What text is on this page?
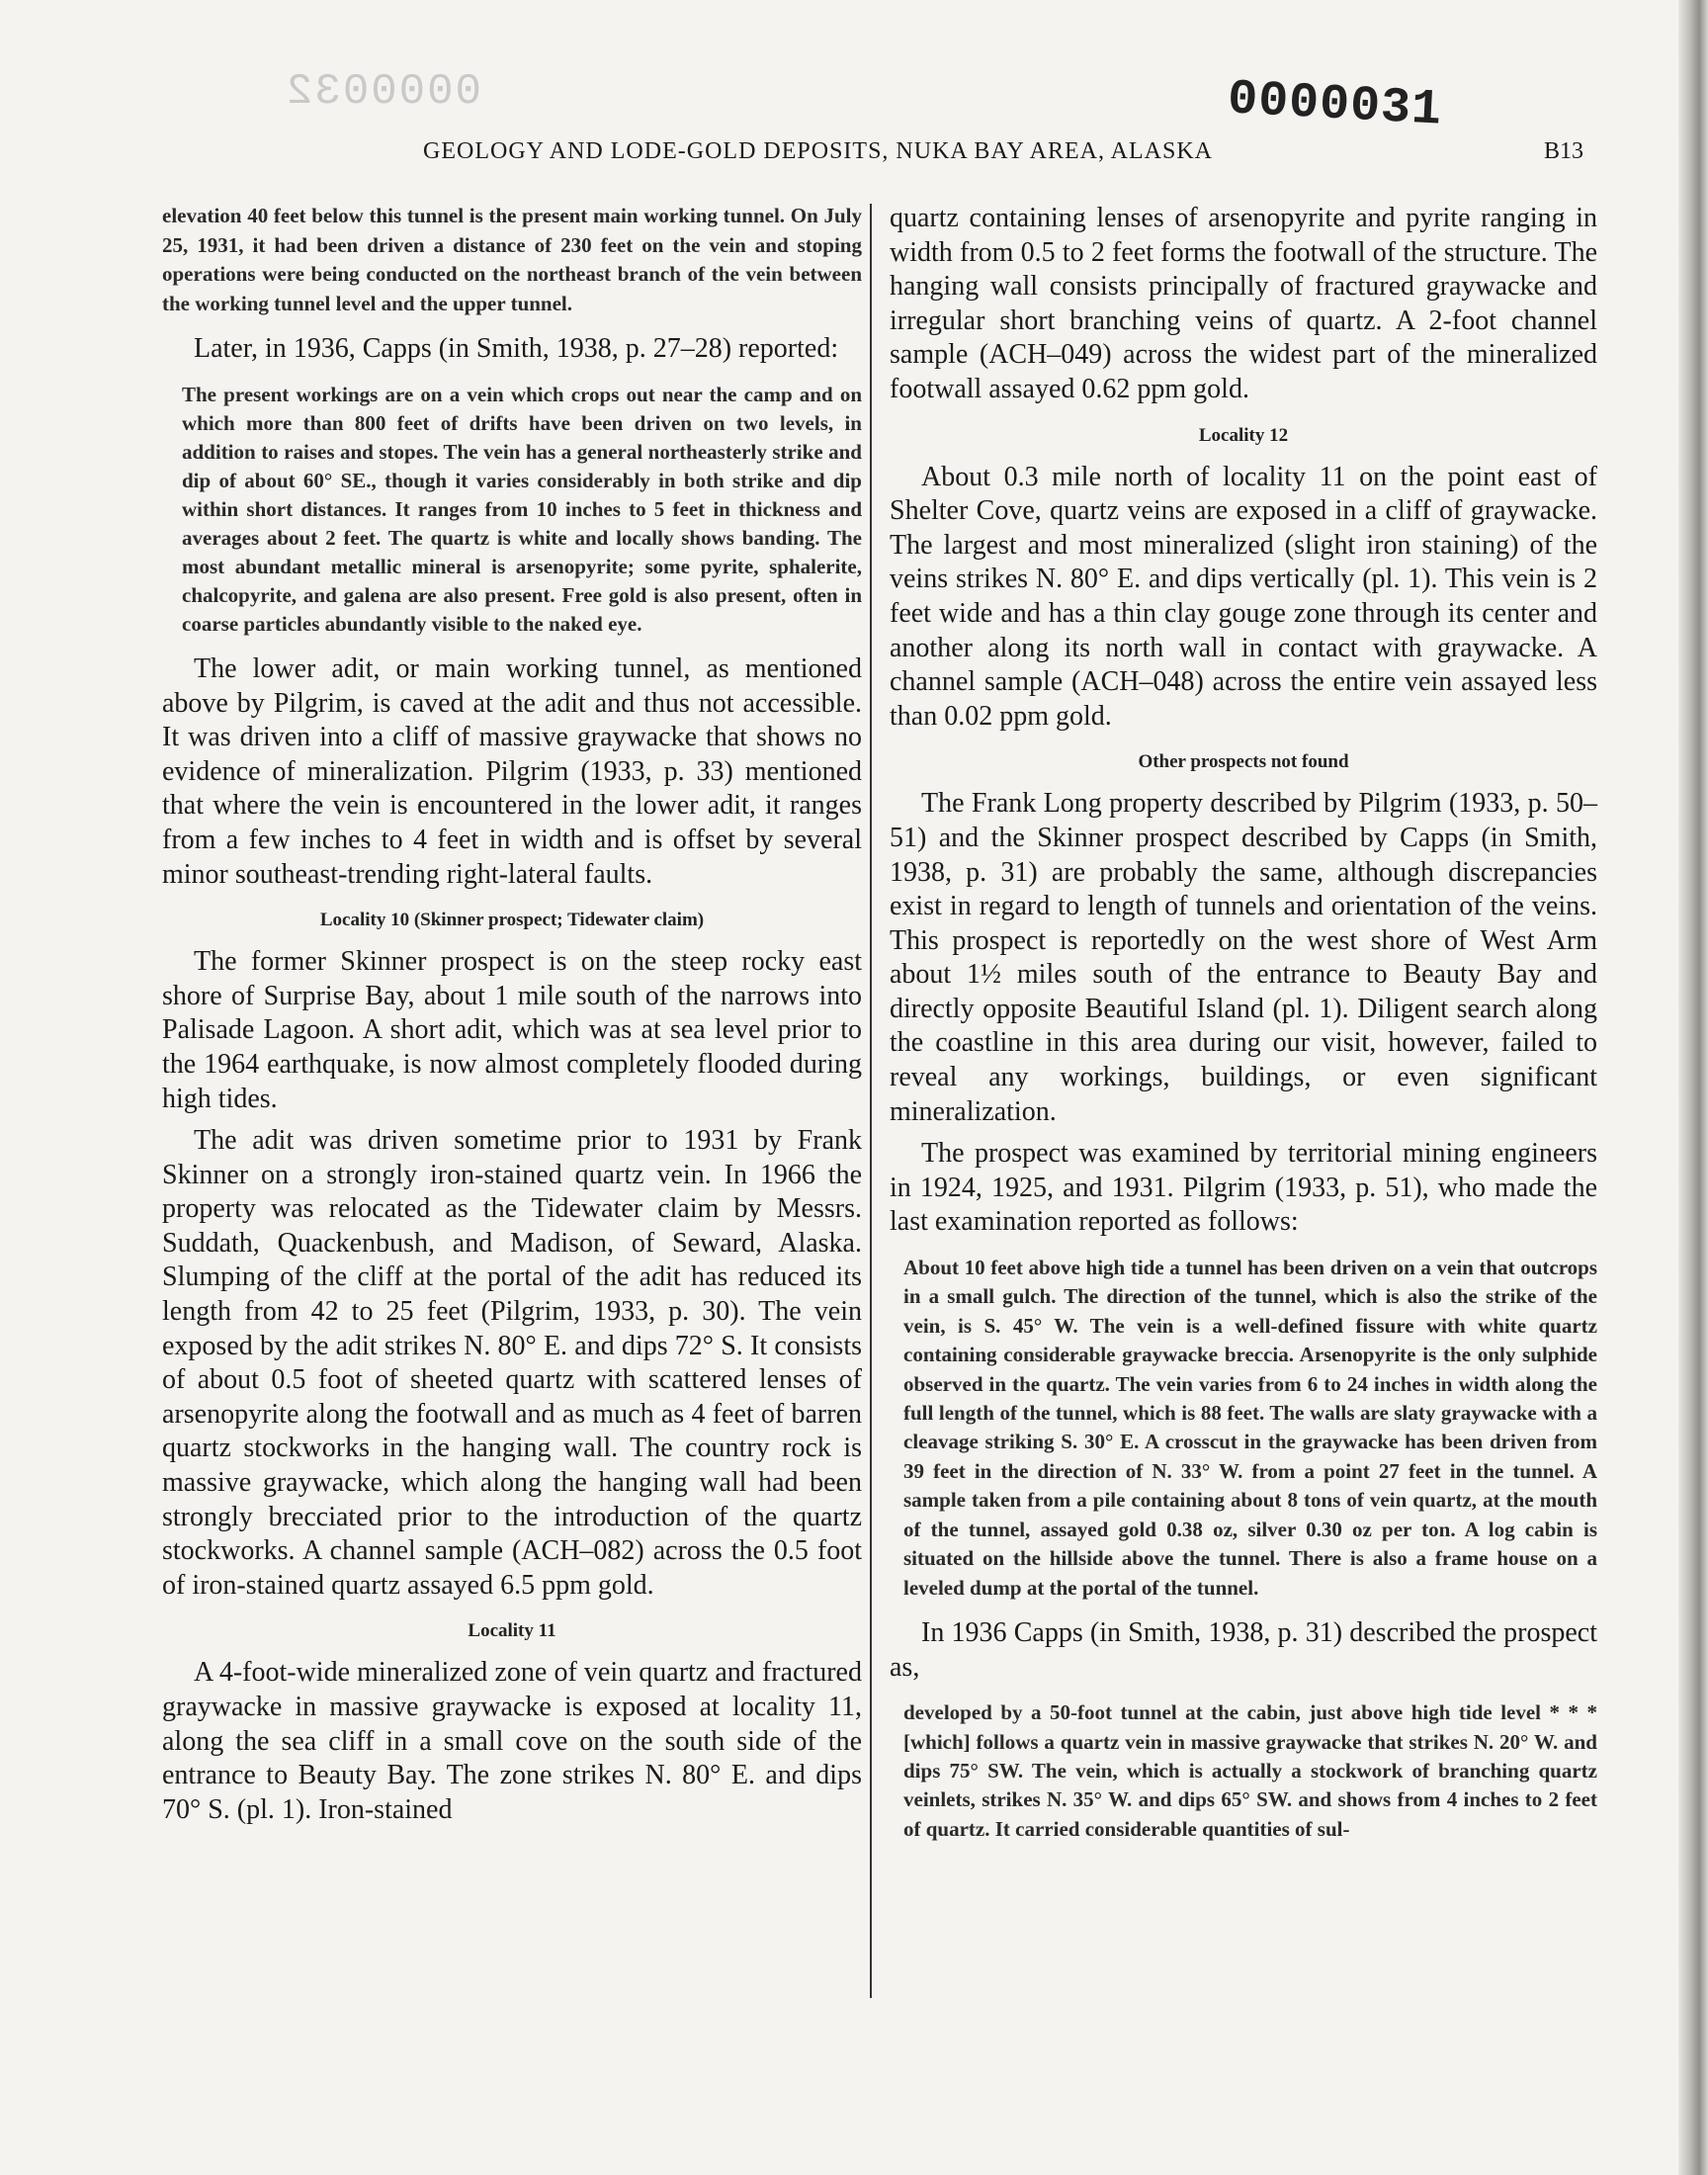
0000032	0000031
GEOLOGY AND LODE-GOLD DEPOSITS, NUKA BAY AREA, ALASKA	B13

elevation 40 feet below this tunnel is the present main working tunnel. On July 25, 1931, it had been driven a distance of 230 feet on the vein and stoping operations were being conducted on the northeast branch of the vein between the working tunnel level and the upper tunnel.

Later, in 1936, Capps (in Smith, 1938, p. 27–28) reported:

The present workings are on a vein which crops out near the camp and on which more than 800 feet of drifts have been driven on two levels, in addition to raises and stopes. The vein has a general northeasterly strike and dip of about 60° SE., though it varies considerably in both strike and dip within short distances. It ranges from 10 inches to 5 feet in thickness and averages about 2 feet. The quartz is white and locally shows banding. The most abundant metallic mineral is arsenopyrite; some pyrite, sphalerite, chalcopyrite, and galena are also present. Free gold is also present, often in coarse particles abundantly visible to the naked eye.

The lower adit, or main working tunnel, as mentioned above by Pilgrim, is caved at the adit and thus not accessible. It was driven into a cliff of massive graywacke that shows no evidence of mineralization. Pilgrim (1933, p. 33) mentioned that where the vein is encountered in the lower adit, it ranges from a few inches to 4 feet in width and is offset by several minor southeast-trending right-lateral faults.

Locality 10 (Skinner prospect; Tidewater claim)

The former Skinner prospect is on the steep rocky east shore of Surprise Bay, about 1 mile south of the narrows into Palisade Lagoon. A short adit, which was at sea level prior to the 1964 earthquake, is now almost completely flooded during high tides.

The adit was driven sometime prior to 1931 by Frank Skinner on a strongly iron-stained quartz vein. In 1966 the property was relocated as the Tidewater claim by Messrs. Suddath, Quackenbush, and Madison, of Seward, Alaska. Slumping of the cliff at the portal of the adit has reduced its length from 42 to 25 feet (Pilgrim, 1933, p. 30). The vein exposed by the adit strikes N. 80° E. and dips 72° S. It consists of about 0.5 foot of sheeted quartz with scattered lenses of arsenopyrite along the footwall and as much as 4 feet of barren quartz stockworks in the hanging wall. The country rock is massive graywacke, which along the hanging wall had been strongly brecciated prior to the introduction of the quartz stockworks. A channel sample (ACH–082) across the 0.5 foot of iron-stained quartz assayed 6.5 ppm gold.

Locality 11

A 4-foot-wide mineralized zone of vein quartz and fractured graywacke in massive graywacke is exposed at locality 11, along the sea cliff in a small cove on the south side of the entrance to Beauty Bay. The zone strikes N. 80° E. and dips 70° S. (pl. 1). Iron-stained

quartz containing lenses of arsenopyrite and pyrite ranging in width from 0.5 to 2 feet forms the footwall of the structure. The hanging wall consists principally of fractured graywacke and irregular short branching veins of quartz. A 2-foot channel sample (ACH–049) across the widest part of the mineralized footwall assayed 0.62 ppm gold.

Locality 12

About 0.3 mile north of locality 11 on the point east of Shelter Cove, quartz veins are exposed in a cliff of graywacke. The largest and most mineralized (slight iron staining) of the veins strikes N. 80° E. and dips vertically (pl. 1). This vein is 2 feet wide and has a thin clay gouge zone through its center and another along its north wall in contact with graywacke. A channel sample (ACH–048) across the entire vein assayed less than 0.02 ppm gold.

Other prospects not found

The Frank Long property described by Pilgrim (1933, p. 50–51) and the Skinner prospect described by Capps (in Smith, 1938, p. 31) are probably the same, although discrepancies exist in regard to length of tunnels and orientation of the veins. This prospect is reportedly on the west shore of West Arm about 1½ miles south of the entrance to Beauty Bay and directly opposite Beautiful Island (pl. 1). Diligent search along the coastline in this area during our visit, however, failed to reveal any workings, buildings, or even significant mineralization.

The prospect was examined by territorial mining engineers in 1924, 1925, and 1931. Pilgrim (1933, p. 51), who made the last examination reported as follows:

About 10 feet above high tide a tunnel has been driven on a vein that outcrops in a small gulch. The direction of the tunnel, which is also the strike of the vein, is S. 45° W. The vein is a well-defined fissure with white quartz containing considerable graywacke breccia. Arsenopyrite is the only sulphide observed in the quartz. The vein varies from 6 to 24 inches in width along the full length of the tunnel, which is 88 feet. The walls are slaty graywacke with a cleavage striking S. 30° E. A crosscut in the graywacke has been driven from 39 feet in the direction of N. 33° W. from a point 27 feet in the tunnel. A sample taken from a pile containing about 8 tons of vein quartz, at the mouth of the tunnel, assayed gold 0.38 oz, silver 0.30 oz per ton. A log cabin is situated on the hillside above the tunnel. There is also a frame house on a leveled dump at the portal of the tunnel.

In 1936 Capps (in Smith, 1938, p. 31) described the prospect as,

developed by a 50-foot tunnel at the cabin, just above high tide level * * * [which] follows a quartz vein in massive graywacke that strikes N. 20° W. and dips 75° SW. The vein, which is actually a stockwork of branching quartz veinlets, strikes N. 35° W. and dips 65° SW. and shows from 4 inches to 2 feet of quartz. It carried considerable quantities of sul-
